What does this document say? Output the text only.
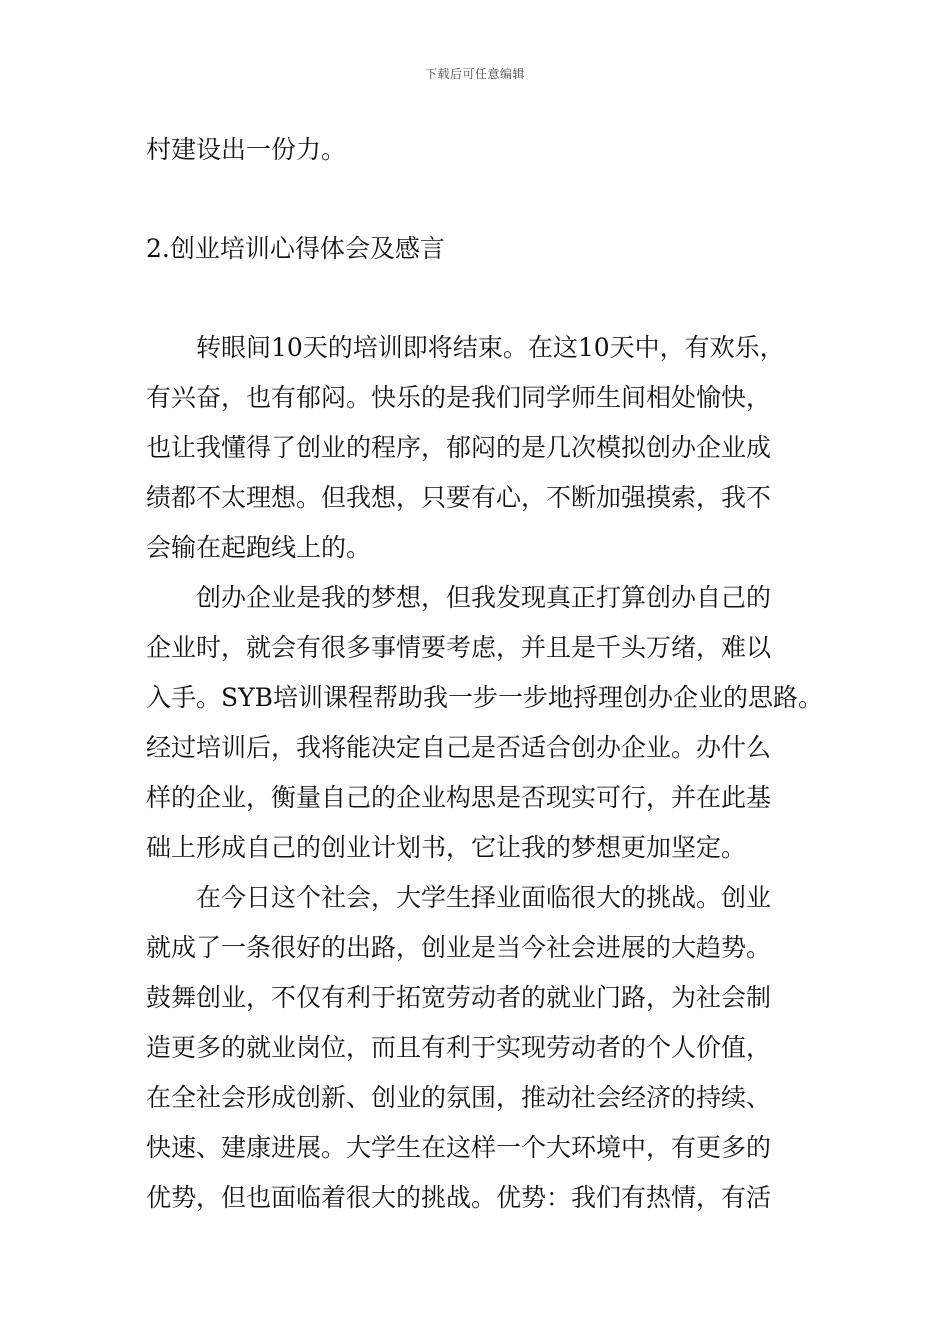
下载后可任意编辑
村建设出一份力。
2.创业培训心得体会及感言
　　转眼间10天的培训即将结束。在这10天中，有欢乐，
有兴奋，也有郁闷。快乐的是我们同学师生间相处愉快，
也让我懂得了创业的程序，郁闷的是几次模拟创办企业成
绩都不太理想。但我想，只要有心，不断加强摸索，我不
会输在起跑线上的。
　　创办企业是我的梦想，但我发现真正打算创办自己的
企业时，就会有很多事情要考虑，并且是千头万绪，难以
入手。SYB培训课程帮助我一步一步地捋理创办企业的思路。
经过培训后，我将能决定自己是否适合创办企业。办什么
样的企业，衡量自己的企业构思是否现实可行，并在此基
础上形成自己的创业计划书，它让我的梦想更加坚定。
　　在今日这个社会，大学生择业面临很大的挑战。创业
就成了一条很好的出路，创业是当今社会进展的大趋势。
鼓舞创业，不仅有利于拓宽劳动者的就业门路，为社会制
造更多的就业岗位，而且有利于实现劳动者的个人价值，
在全社会形成创新、创业的氛围，推动社会经济的持续、
快速、建康进展。大学生在这样一个大环境中，有更多的
优势，但也面临着很大的挑战。优势：我们有热情，有活
